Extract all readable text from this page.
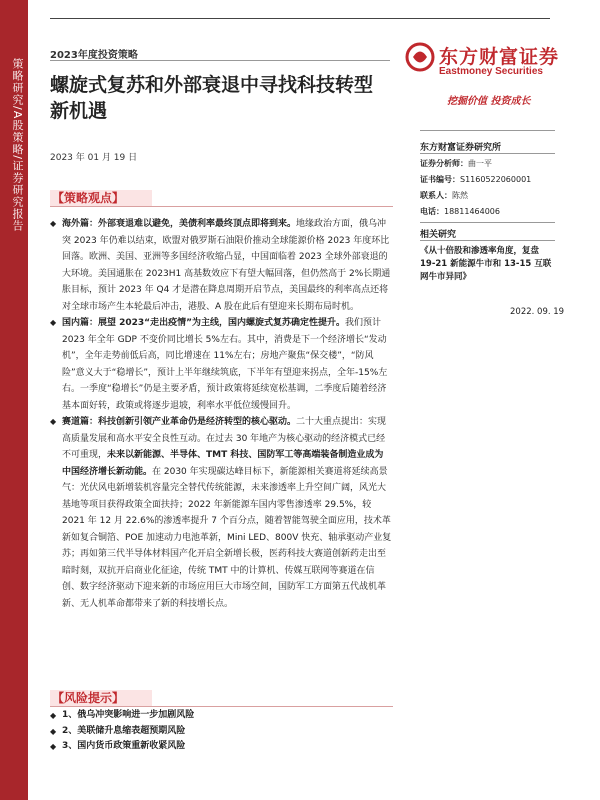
策略研究/A股策略/证券研究报告
东方财富证券
Eastmoney Securities
挖掘价值 投资成长
2023年度投资策略
螺旋式复苏和外部衰退中寻找科技转型新机遇
2023 年 01 月 19 日
【策略观点】

◆ 海外篇：外部衰退难以避免，美债利率最终顶点即将到来。地缘政治方面，俄乌冲突 2023 年仍难以结束，欧盟对俄罗斯石油限价推动全球能源价格 2023 年度环比回落。欧洲、美国、亚洲等多国经济收缩凸显，中国面临着 2023 全球外部衰退的大环境。美国通胀在 2023H1 高基数效应下有望大幅回落，但仍然高于 2%长期通胀目标，预计 2023 年 Q4 才是潜在降息周期开启节点，美国最终的利率高点还将对全球市场产生本轮最后冲击，港股、A 股在此后有望迎来长期布局时机。

◆ 国内篇：展望 2023“走出疫情”为主线，国内螺旋式复苏确定性提升。我们预计 2023 年全年 GDP 不变价同比增长 5%左右。其中，消费是下一个经济增长“发动机”，全年走势前低后高，同比增速在 11%左右；房地产聚焦“保交楼”，“防风险”意义大于“稳增长”，预计上半年继续筑底，下半年有望迎来拐点，全年-15%左右。一季度“稳增长”仍是主要矛盾，预计政策将延续宽松基调，二季度后随着经济基本面好转，政策或将逐步退坡，利率水平低位缓慢回升。

◆ 赛道篇：科技创新引领产业革命仍是经济转型的核心驱动。二十大重点提出：实现高质量发展和高水平安全良性互动。在过去 30 年地产为核心驱动的经济模式已经不可重现，未来以新能源、半导体、TMT 科技、国防军工等高端装备制造业成为中国经济增长新动能。在 2030 年实现碳达峰目标下，新能源相关赛道将延续高景气：光伏风电新增装机容量完全替代传统能源，未来渗透率上升空间广阔，风光大基地等项目获得政策全面扶持；2022 年新能源车国内零售渗透率 29.5%，较 2021 年 12 月 22.6%的渗透率提升 7 个百分点，随着智能驾驶全面应用，技术革新如复合铜箔、POE 加速动力电池革新，Mini LED、800V 快充、轴承驱动产业复苏；再如第三代半导体材料国产化开启全新增长极，医药科技大赛道创新药走出至暗时刻，双抗开启商业化征途，传统 TMT 中的计算机、传媒互联网等赛道在信创、数字经济驱动下迎来新的市场应用巨大市场空间，国防军工方面第五代战机革新、无人机革命都带来了新的科技增长点。

【风险提示】

◆ 1、俄乌冲突影响进一步加剧风险

◆ 2、美联储升息缩表超预期风险

◆ 3、国内货币政策重新收紧风险

东方财富证券研究所
证券分析师：曲一平
证书编号：S1160522060001
联系人：陈然
电话：18811464006
相关研究
《从十倍股和渗透率角度，复盘 19-21 新能源牛市和 13-15 互联网牛市异同》
2022. 09. 19
